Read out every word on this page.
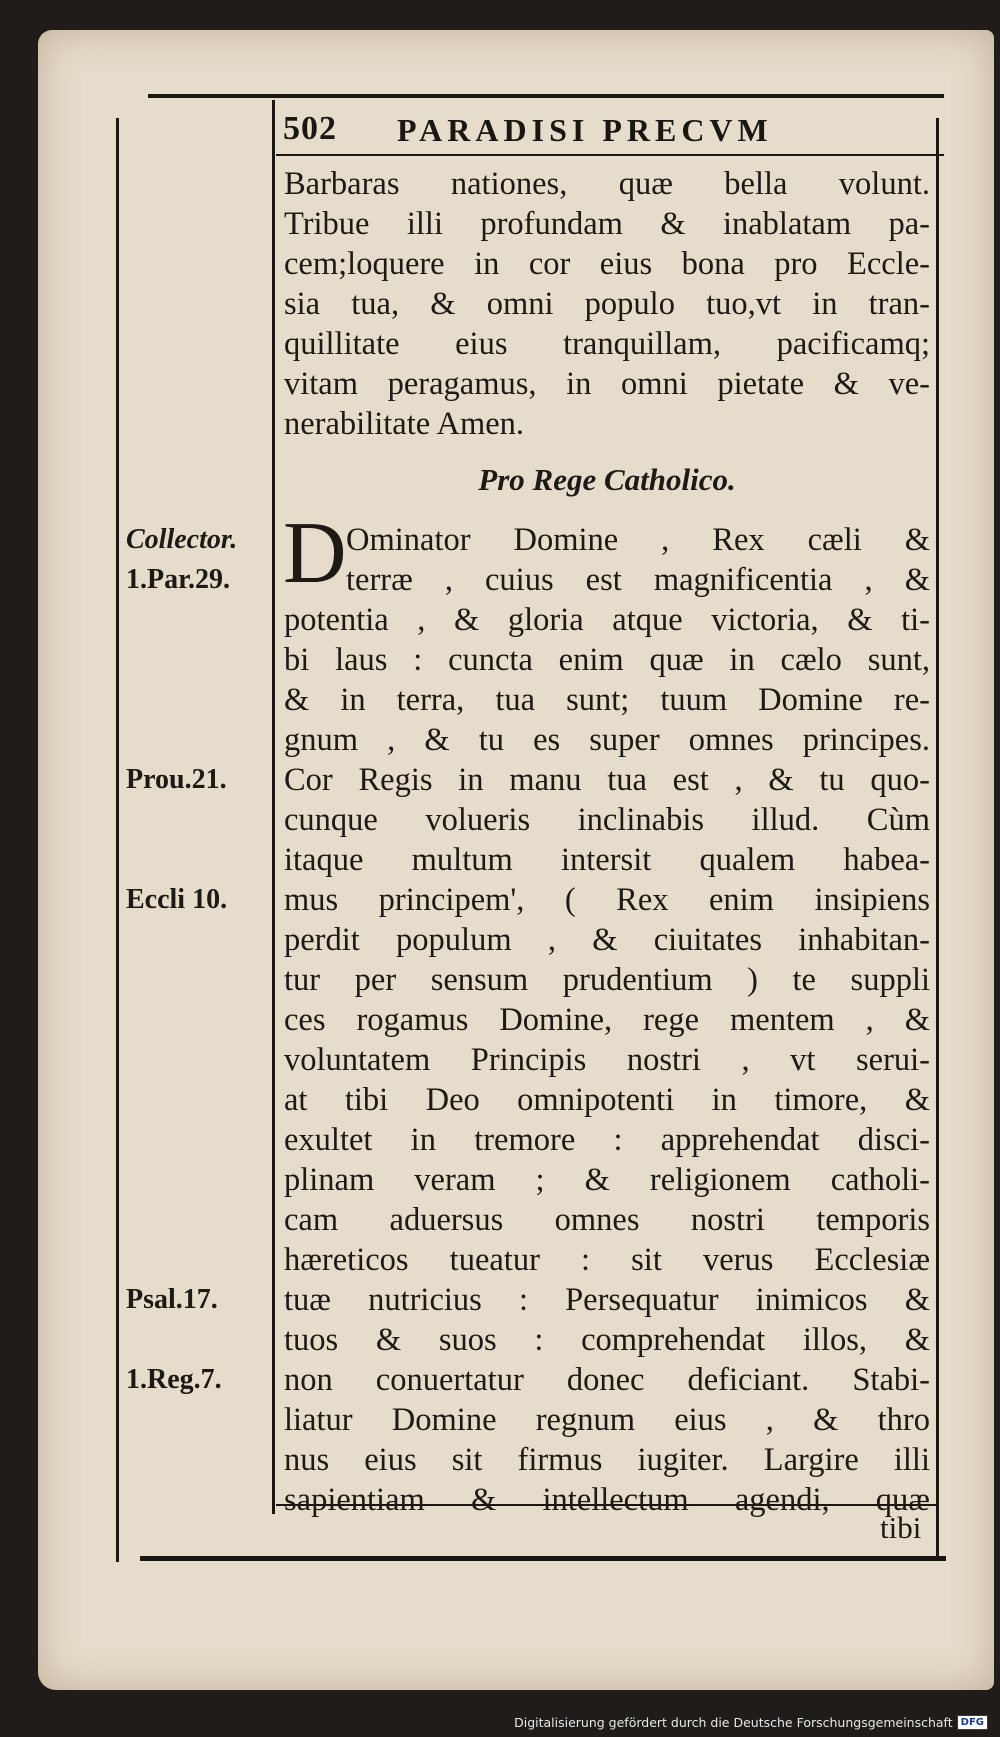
502 PARADISI PRECVM
Barbaras nationes, quæ bella volunt.
Tribue illi profundam & inablatam pa-
cem;loquere in cor eius bona pro Eccle-
sia tua, & omni populo tuo,vt in tran-
quillitate eius tranquillam, pacificamq;
vitam peragamus, in omni pietate & ve-
nerabilitate Amen.
Pro Rege Catholico.
D Ominator Domine , Rex cæli &
terræ , cuius est magnificentia , &
potentia , & gloria atque victoria, & ti-
bi laus : cuncta enim quæ in cælo sunt,
& in terra, tua sunt; tuum Domine re-
gnum , & tu es super omnes principes.
Cor Regis in manu tua est , & tu quo-
cunque volueris inclinabis illud. Cùm
itaque multum intersit qualem habea-
mus principem', ( Rex enim insipiens
perdit populum , & ciuitates inhabitan-
tur per sensum prudentium ) te suppli
ces rogamus Domine, rege mentem , &
voluntatem Principis nostri , vt serui-
at tibi Deo omnipotenti in timore, &
exultet in tremore : apprehendat disci-
plinam veram ; & religionem catholi-
cam aduersus omnes nostri temporis
hæreticos tueatur : sit verus Ecclesiæ
tuæ nutricius : Persequatur inimicos &
tuos & suos : comprehendat illos, &
non conuertatur donec deficiant. Stabi-
liatur Domine regnum eius , & thro
nus eius sit firmus iugiter. Largire illi
sapientiam & intellectum agendi, quæ
Collector.
1.Par.29.
Prou.21.
Eccli 10.
Psal.17.
1.Reg.7.
tibi
Digitalisierung gefördert durch die Deutsche Forschungsgemeinschaft DFG
